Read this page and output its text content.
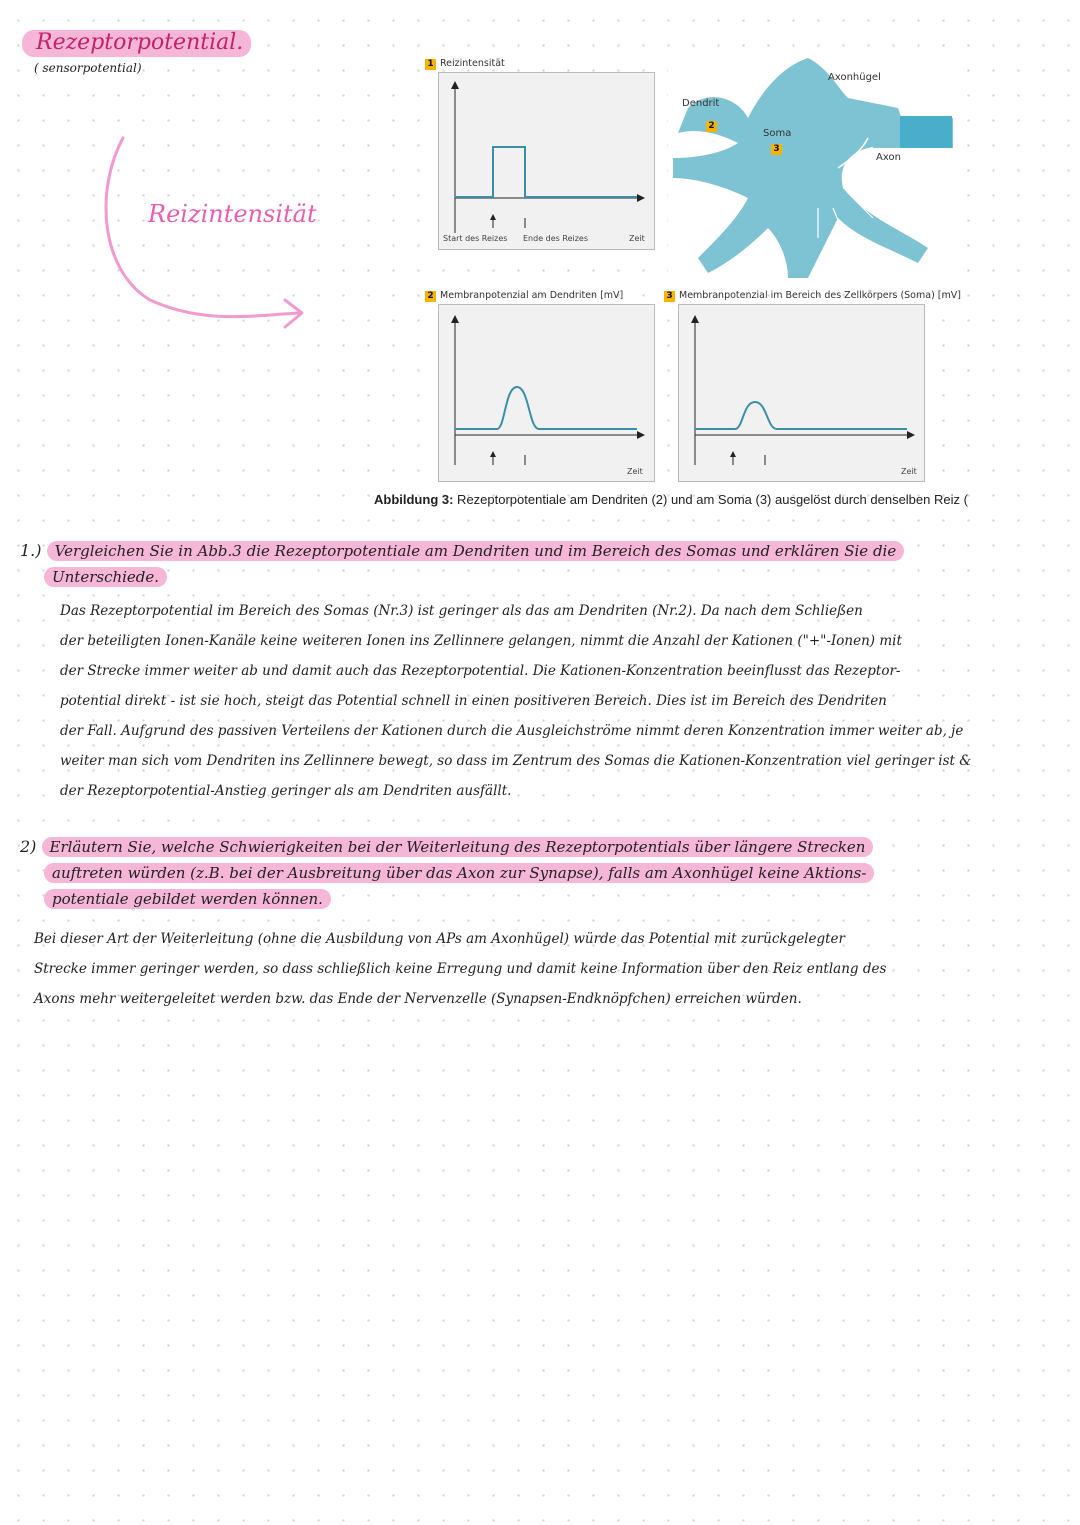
Rezeptorpotential.
( sensorpotential)
Reizintensität
1 Reizintensität
Start des Reizes Ende des Reizes	Zeit
Dendrit
2
Soma
3
Axonhügel
Axon
2 Membranpotenzial am Dendriten [mV]
Zeit
3 Membranpotenzial im Bereich des Zellkörpers (Soma) [mV]
Zeit
Abbildung 3: Rezeptorpotentiale am Dendriten (2) und am Soma (3) ausgelöst durch denselben Reiz (
1.) Vergleichen Sie in Abb.3 die Rezeptorpotentiale am Dendriten und im Bereich des Somas und erklären Sie die
Unterschiede.
Das Rezeptorpotential im Bereich des Somas (Nr.3) ist geringer als das am Dendriten (Nr.2). Da nach dem Schließen
der beteiligten Ionen-Kanäle keine weiteren Ionen ins Zellinnere gelangen, nimmt die Anzahl der Kationen ("+"-Ionen) mit
der Strecke immer weiter ab und damit auch das Rezeptorpotential. Die Kationen-Konzentration beeinflusst das Rezeptor-
potential direkt - ist sie hoch, steigt das Potential schnell in einen positiveren Bereich. Dies ist im Bereich des Dendriten
der Fall. Aufgrund des passiven Verteilens der Kationen durch die Ausgleichströme nimmt deren Konzentration immer weiter ab, je
weiter man sich vom Dendriten ins Zellinnere bewegt, so dass im Zentrum des Somas die Kationen-Konzentration viel geringer ist &
der Rezeptorpotential-Anstieg geringer als am Dendriten ausfällt.
2) Erläutern Sie, welche Schwierigkeiten bei der Weiterleitung des Rezeptorpotentials über längere Strecken
auftreten würden (z.B. bei der Ausbreitung über das Axon zur Synapse), falls am Axonhügel keine Aktions-
potentiale gebildet werden können.
Bei dieser Art der Weiterleitung (ohne die Ausbildung von APs am Axonhügel) würde das Potential mit zurückgelegter
Strecke immer geringer werden, so dass schließlich keine Erregung und damit keine Information über den Reiz entlang des
Axons mehr weitergeleitet werden bzw. das Ende der Nervenzelle (Synapsen-Endknöpfchen) erreichen würden.
